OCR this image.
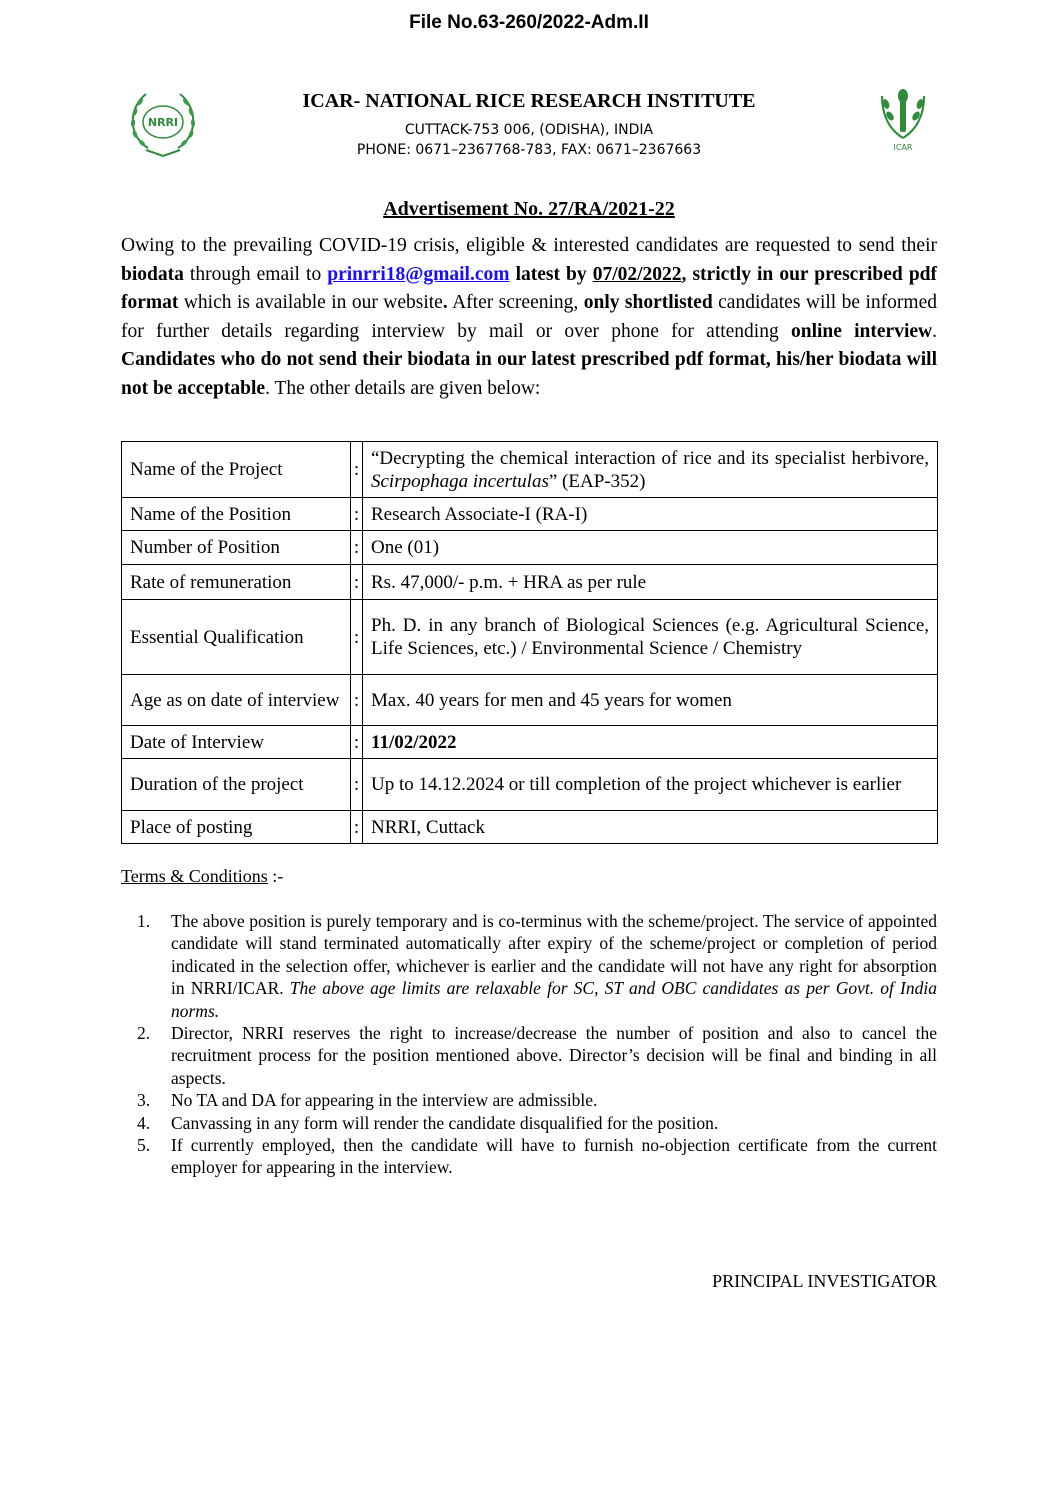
File No.63-260/2022-Adm.II
NRRI
ICAR- NATIONAL RICE RESEARCH INSTITUTE
CUTTACK-753 006, (ODISHA), INDIA
PHONE: 0671–2367768-783, FAX: 0671–2367663	ICAR
Advertisement No. 27/RA/2021-22

Owing to the prevailing COVID-19 crisis, eligible & interested candidates are requested to send their biodata through email to prinrri18@gmail.com latest by 07/02/2022, strictly in our prescribed pdf format which is available in our website. After screening, only shortlisted candidates will be informed for further details regarding interview by mail or over phone for attending online interview. Candidates who do not send their biodata in our latest prescribed pdf format, his/her biodata will not be acceptable. The other details are given below:

Name of the Project	:	“Decrypting the chemical interaction of rice and its specialist herbivore, Scirpophaga incertulas” (EAP-352)
Name of the Position	:	Research Associate-I (RA-I)
Number of Position	:	One (01)
Rate of remuneration	:	Rs. 47,000/- p.m. + HRA as per rule
Essential Qualification	:	Ph. D. in any branch of Biological Sciences (e.g. Agricultural Science, Life Sciences, etc.) / Environmental Science / Chemistry
Age as on date of interview	:	Max. 40 years for men and 45 years for women
Date of Interview	:	11/02/2022
Duration of the project	:	Up to 14.12.2024 or till completion of the project whichever is earlier
Place of posting	:	NRRI, Cuttack
Terms & Conditions :-
1. The above position is purely temporary and is co-terminus with the scheme/project. The service of appointed candidate will stand terminated automatically after expiry of the scheme/project or completion of period indicated in the selection offer, whichever is earlier and the candidate will not have any right for absorption in NRRI/ICAR. The above age limits are relaxable for SC, ST and OBC candidates as per Govt. of India norms.
2. Director, NRRI reserves the right to increase/decrease the number of position and also to cancel the recruitment process for the position mentioned above. Director’s decision will be final and binding in all aspects.
3. No TA and DA for appearing in the interview are admissible.
4. Canvassing in any form will render the candidate disqualified for the position.
5. If currently employed, then the candidate will have to furnish no-objection certificate from the current employer for appearing in the interview.
PRINCIPAL INVESTIGATOR
